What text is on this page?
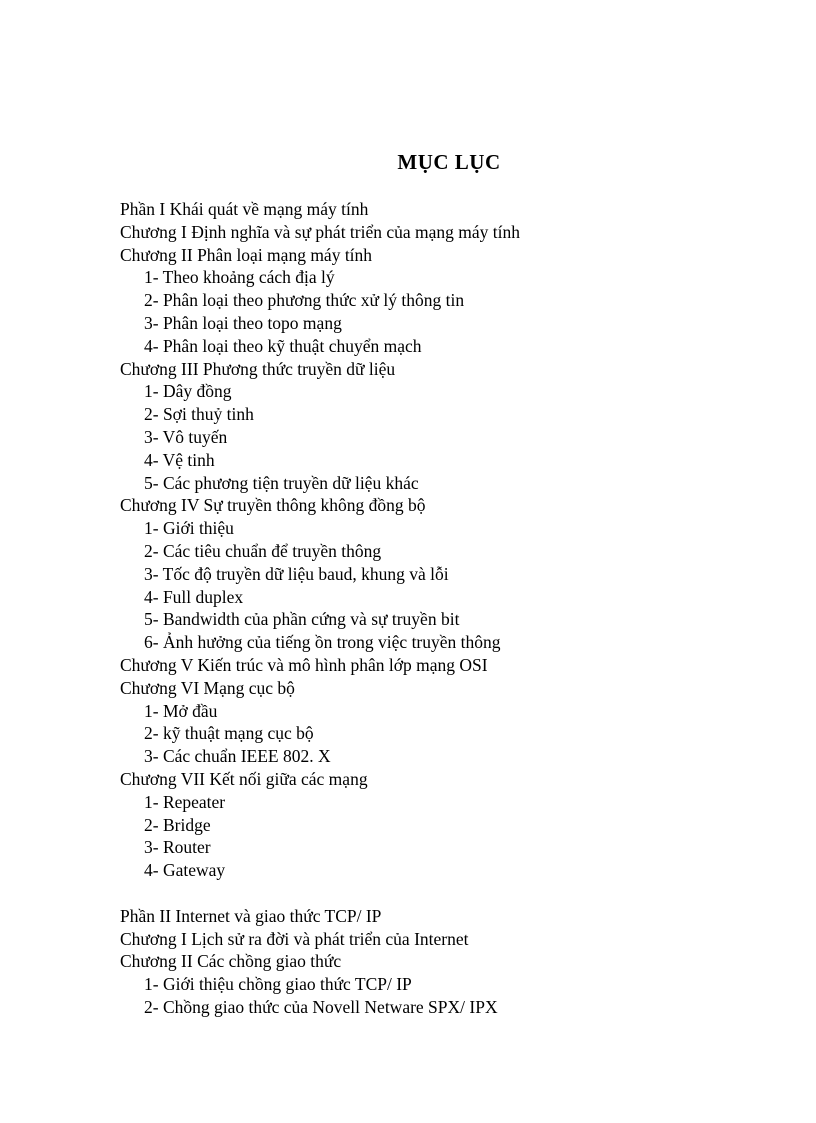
MỤC LỤC
Phần I Khái quát về mạng máy tính
Chương I Định nghĩa và sự phát triển của mạng máy tính
Chương II Phân loại mạng máy tính
1- Theo khoảng cách địa lý
2- Phân loại theo phương thức xử lý thông tin
3- Phân loại theo topo mạng
4- Phân loại theo kỹ thuật chuyển mạch
Chương III Phương thức truyền dữ liệu
1- Dây đồng
2- Sợi thuỷ tinh
3- Vô tuyến
4- Vệ tinh
5- Các phương tiện truyền dữ liệu khác
Chương IV Sự truyền thông không đồng bộ
1- Giới thiệu
2- Các tiêu chuẩn để truyền thông
3- Tốc độ truyền dữ liệu baud, khung và lỗi
4- Full duplex
5- Bandwidth của phần cứng và sự truyền bit
6- Ảnh hưởng của tiếng ồn trong việc truyền thông
Chương V Kiến trúc và mô hình phân lớp mạng OSI
Chương VI Mạng cục bộ
1- Mở đầu
2- kỹ thuật mạng cục bộ
3- Các chuẩn IEEE 802. X
Chương VII Kết nối giữa các mạng
1- Repeater
2- Bridge
3- Router
4- Gateway
Phần II Internet và giao thức TCP/ IP
Chương I Lịch sử ra đời và phát triển của Internet
Chương II Các chồng giao thức
1- Giới thiệu chồng giao thức TCP/ IP
2- Chồng giao thức của Novell Netware SPX/ IPX
